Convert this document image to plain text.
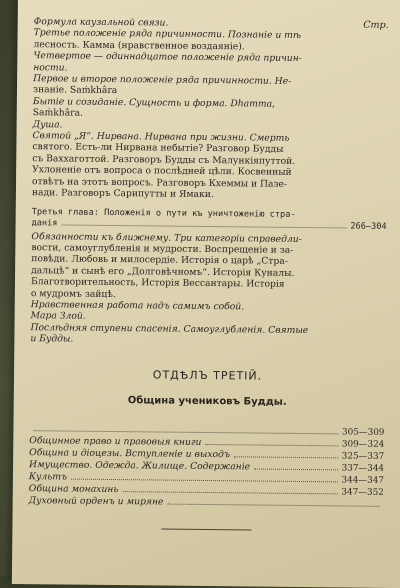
Стр.

Формула каузальной связи.

Третье положенiе ряда причинности. Познанiе и тѣ

лесность. Камма (нравственное воздаянiе).

Четвертое — одиннадцатое положенiе ряда причин-

ности.

Первое и второе положенiе ряда причинности. Не-

знанiе. Saṁkhâra

Бытiе и созиданiе. Сущность и форма. Dhamma,

Saṁkhâra.

Душа.

Святой „Я“. Нирвана. Нирвана при жизни. Смерть

святого. Есть-ли Нирвана небытiе? Разговор Будды

съ Ваххаготтой. Разговоръ Будды съ Малункiяпуттой.

Ухлоненiе отъ вопроса о послѣдней цѣли. Косвенный

отвѣтъ на этотъ вопросъ. Разговоръ Кхеммы и Пазе-

нади. Разговоръ Сарипутты и Ямаки.

Третья глава: Положенiя о пути къ уничтоженiю стра-
данiя	266—304

Обязанности къ ближнему. Три категорiи справедли-

вости, самоуглубленiя и мудрости. Воспрещенiе и за-

повѣди. Любовь и милосердiе. Исторiя о царѣ „Стра-

дальцѣ“ и сынѣ его „Долговѣчномъ“. Исторiя Куналы.

Благотворительность, Исторiя Вессантары. Исторiя

о мудромъ зайцѣ.

Нравственная работа надъ самимъ собой.

Мара Злой.

Послѣдняя ступени спасенiя. Самоуглубленiя. Святые

и Будды.

ОТДѢЛЪ ТРЕТIЙ.
Община учениковъ Будды.
305—309
Общинное право и правовыя книги	309—324
Община и дiоцезы. Вступленiе и выходъ	325—337
Имущество. Одежда. Жилище. Содержанiе	337—344
Культъ	344—347
Община монахинь	347—352
Духовный орденъ и миряне
